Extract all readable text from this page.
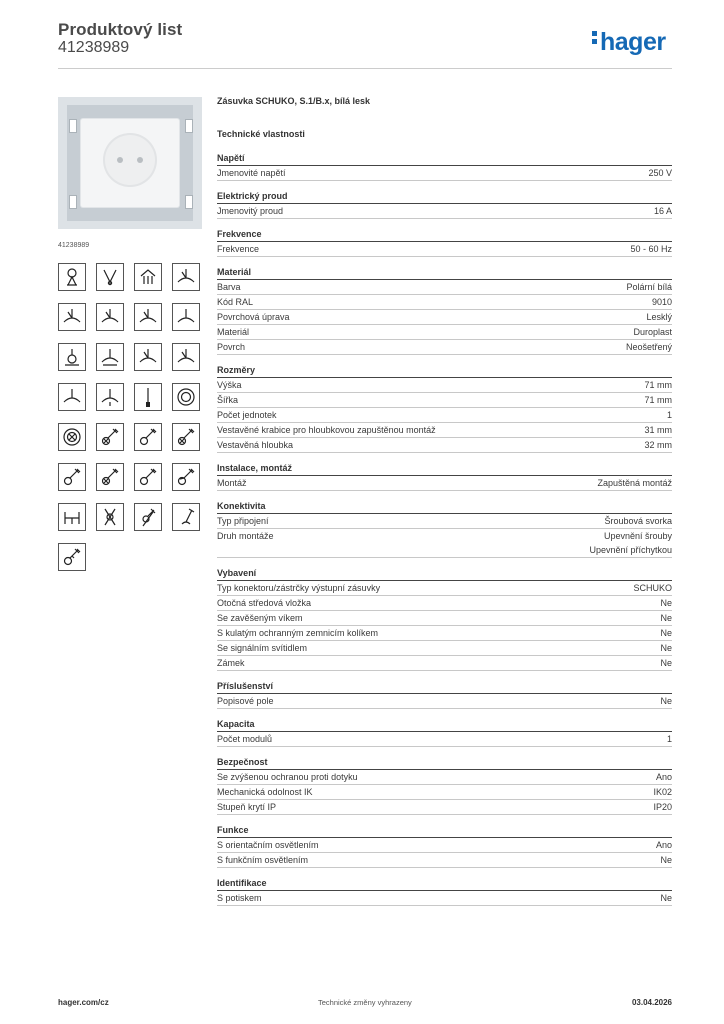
Produktový list
41238989	hager
41238989
Zásuvka SCHUKO, S.1/B.x, bílá lesk
Technické vlastnosti
Napětí
Jmenovité napětí	250 V
Elektrický proud
Jmenovitý proud	16 A
Frekvence
Frekvence	50 - 60 Hz
Materiál
Barva	Polární bílá
Kód RAL	9010
Povrchová úprava	Lesklý
Materiál	Duroplast
Povrch	Neošetřený
Rozměry
Výška	71 mm
Šířka	71 mm
Počet jednotek	1
Vestavěné krabice pro hloubkovou zapuštěnou montáž	31 mm
Vestavěná hloubka	32 mm
Instalace, montáž
Montáž	Zapuštěná montáž
Konektivita
Typ připojení	Šroubová svorka
Druh montáže	Upevnění šrouby
Upevnění příchytkou
Vybavení
Typ konektoru/zástrčky výstupní zásuvky	SCHUKO
Otočná středová vložka	Ne
Se zavěšeným víkem	Ne
S kulatým ochranným zemnicím kolíkem	Ne
Se signálním svítidlem	Ne
Zámek	Ne
Příslušenství
Popisové pole	Ne
Kapacita
Počet modulů	1
Bezpečnost
Se zvýšenou ochranou proti dotyku	Ano
Mechanická odolnost IK	IK02
Stupeň krytí IP	IP20
Funkce
S orientačním osvětlením	Ano
S funkčním osvětlením	Ne
Identifikace
S potiskem	Ne
hager.com/cz	Technické změny vyhrazeny	03.04.2026
